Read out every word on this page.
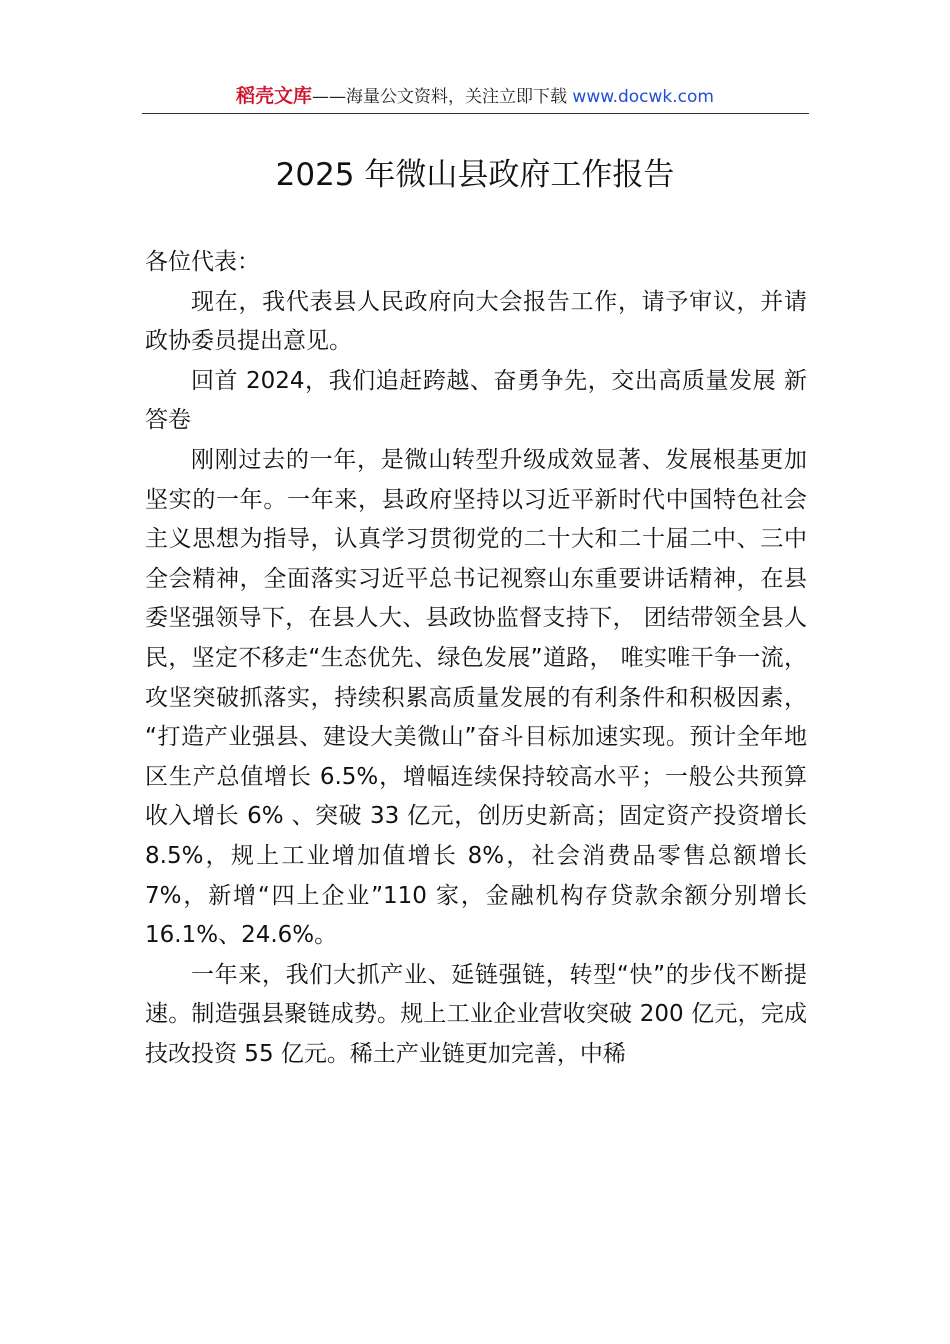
稻壳文库——海量公文资料，关注立即下载 www.docwk.com
2025 年微山县政府工作报告

各位代表：

现在，我代表县人民政府向大会报告工作，请予审议，并请政协委员提出意见。

回首 2024，我们追赶跨越、奋勇争先，交出高质量发展 新答卷

刚刚过去的一年，是微山转型升级成效显著、发展根基更加坚实的一年。一年来，县政府坚持以习近平新时代中国特色社会主义思想为指导，认真学习贯彻党的二十大和二十届二中、三中全会精神，全面落实习近平总书记视察山东重要讲话精神，在县委坚强领导下，在县人大、县政协监督支持下， 团结带领全县人民，坚定不移走“生态优先、绿色发展”道路， 唯实唯干争一流，攻坚突破抓落实，持续积累高质量发展的有利条件和积极因素， “打造产业强县、建设大美微山”奋斗目标加速实现。预计全年地区生产总值增长 6.5%，增幅连续保持较高水平；一般公共预算收入增长 6% 、突破 33 亿元，创历史新高；固定资产投资增长 8.5%，规上工业增加值增长 8%，社会消费品零售总额增长 7%，新增“四上企业”110 家，金融机构存贷款余额分别增长 16.1%、24.6%。

一年来，我们大抓产业、延链强链，转型“快”的步伐不断提速。制造强县聚链成势。规上工业企业营收突破 200 亿元，完成技改投资 55 亿元。稀土产业链更加完善，中稀
